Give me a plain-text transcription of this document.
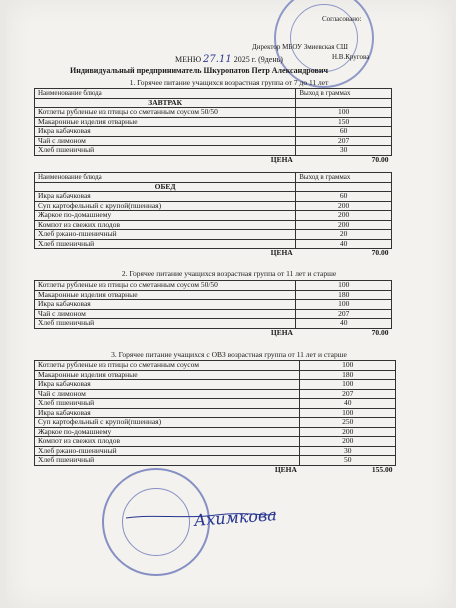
Согласовано:
Директор МБОУ Змиевская СШ
Н.В.Кругова
МЕНЮ 27.11 2025 г. (9день)
Индивидуальный предприниматель Шкуропатов Петр Александрович
1. Горячее питание учащихся возрастная группа от 7 до 11 лет
Наименование блюда	Выход в граммах
ЗАВТРАК	
Котлеты рубленые из птицы со сметанным соусом 50/50	100
Макаронные изделия отварные	150
Икра кабачковая	60
Чай с лимоном	207
Хлеб пшеничный	30
ЦЕНА	70.00
Наименование блюда	Выход в граммах
ОБЕД	
Икра кабачковая	60
Суп картофельный с крупой(пшенная)	200
Жаркое по-домашнему	200
Компот из свежих плодов	200
Хлеб ржано-пшеничный	20
Хлеб пшеничный	40
ЦЕНА	70.00
2. Горячее питание учащихся возрастная группа от 11 лет и старше
Котлеты рубленые из птицы со сметанным соусом 50/50	100
Макаронные изделия отварные	180
Икра кабачковая	100
Чай с лимоном	207
Хлеб пшеничный	40
ЦЕНА	70.00
3. Горячее питание учащихся с ОВЗ возрастная группа от 11 лет и старше
Котлеты рубленые из птицы со сметанным соусом	100
Макаронные изделия отварные	180
Икра кабачковая	100
Чай с лимоном	207
Хлеб пшеничный	40
Икра кабачковая	100
Суп картофельный с крупой(пшенная)	250
Жаркое по-домашнему	200
Компот из свежих плодов	200
Хлеб ржано-пшеничный	30
Хлеб пшеничный	50
ЦЕНА	155.00
Ахимкова
